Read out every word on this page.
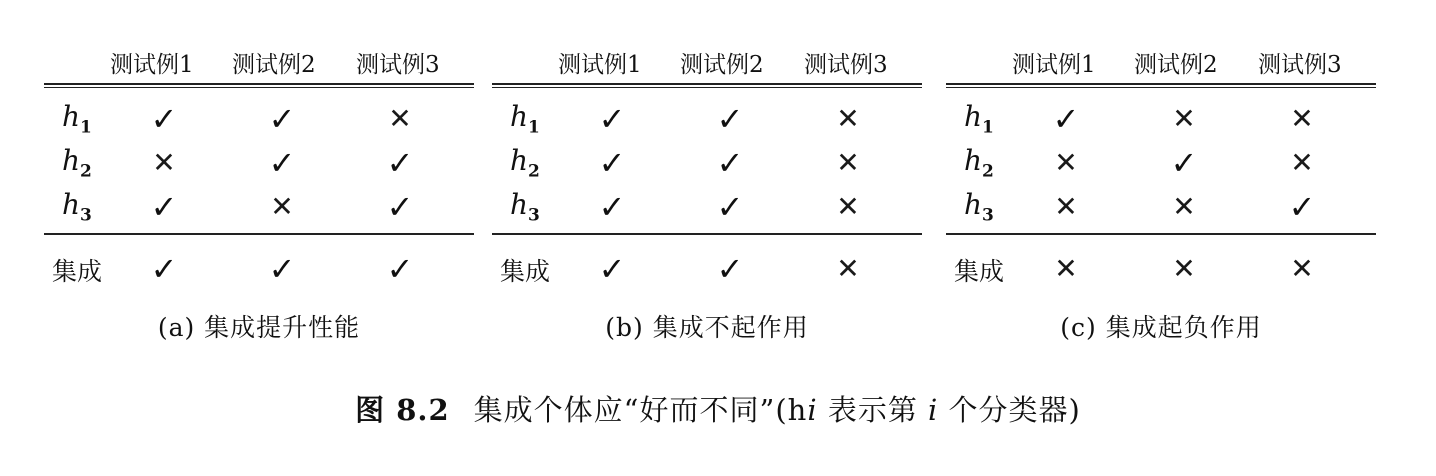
测试例1 测试例2 测试例3
$h_1$ ✓	✓	✕
$h_2$ ✕	✓	✓
$h_3$ ✓	✕	✓
集成 ✓	✓	✓
(a) 集成提升性能
测试例1 测试例2 测试例3
$h_1$ ✓	✓	✕
$h_2$ ✓	✓	✕
$h_3$ ✓	✓	✕
集成 ✓	✓	✕
(b) 集成不起作用
测试例1 测试例2 测试例3
$h_1$ ✓	✕	✕
$h_2$ ✕	✓	✕
$h_3$ ✕	✕	✓
集成 ✕	✕	✕
(c) 集成起负作用
图 8.2 集成个体应“好而不同”(hi 表示第 i 个分类器)
